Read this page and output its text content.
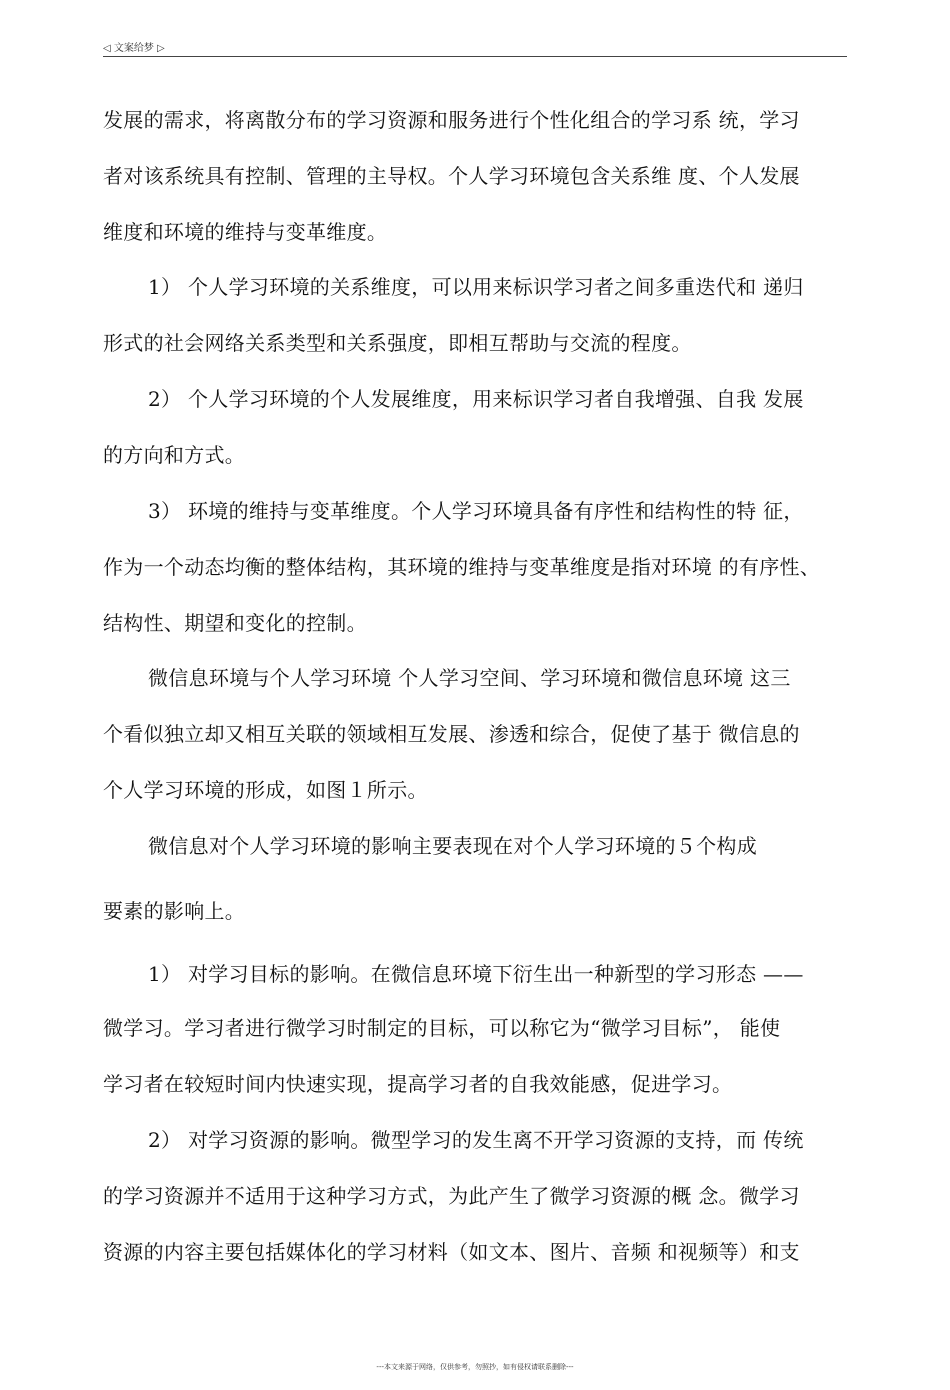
◁ 文案给梦 ▷
发展的需求，将离散分布的学习资源和服务进行个性化组合的学习系 统，学习
者对该系统具有控制、管理的主导权。个人学习环境包含关系维 度、个人发展
维度和环境的维持与变革维度。
1） 个人学习环境的关系维度，可以用来标识学习者之间多重迭代和 递归
形式的社会网络关系类型和关系强度，即相互帮助与交流的程度。
2） 个人学习环境的个人发展维度，用来标识学习者自我增强、自我 发展
的方向和方式。
3） 环境的维持与变革维度。个人学习环境具备有序性和结构性的特 征，
作为一个动态均衡的整体结构，其环境的维持与变革维度是指对环境 的有序性、
结构性、期望和变化的控制。
微信息环境与个人学习环境 个人学习空间、学习环境和微信息环境 这三
个看似独立却又相互关联的领域相互发展、渗透和综合，促使了基于 微信息的
个人学习环境的形成，如图１所示。
微信息对个人学习环境的影响主要表现在对个人学习环境的５个构成
要素的影响上。
1） 对学习目标的影响。在微信息环境下衍生出一种新型的学习形态 ——
微学习。学习者进行微学习时制定的目标，可以称它为“微学习目标”， 能使
学习者在较短时间内快速实现，提高学习者的自我效能感，促进学习。
2） 对学习资源的影响。微型学习的发生离不开学习资源的支持，而 传统
的学习资源并不适用于这种学习方式，为此产生了微学习资源的概 念。微学习
资源的内容主要包括媒体化的学习材料（如文本、图片、音频 和视频等）和支
---本文来源于网络，仅供参考，勿照抄，如有侵权请联系删除---
